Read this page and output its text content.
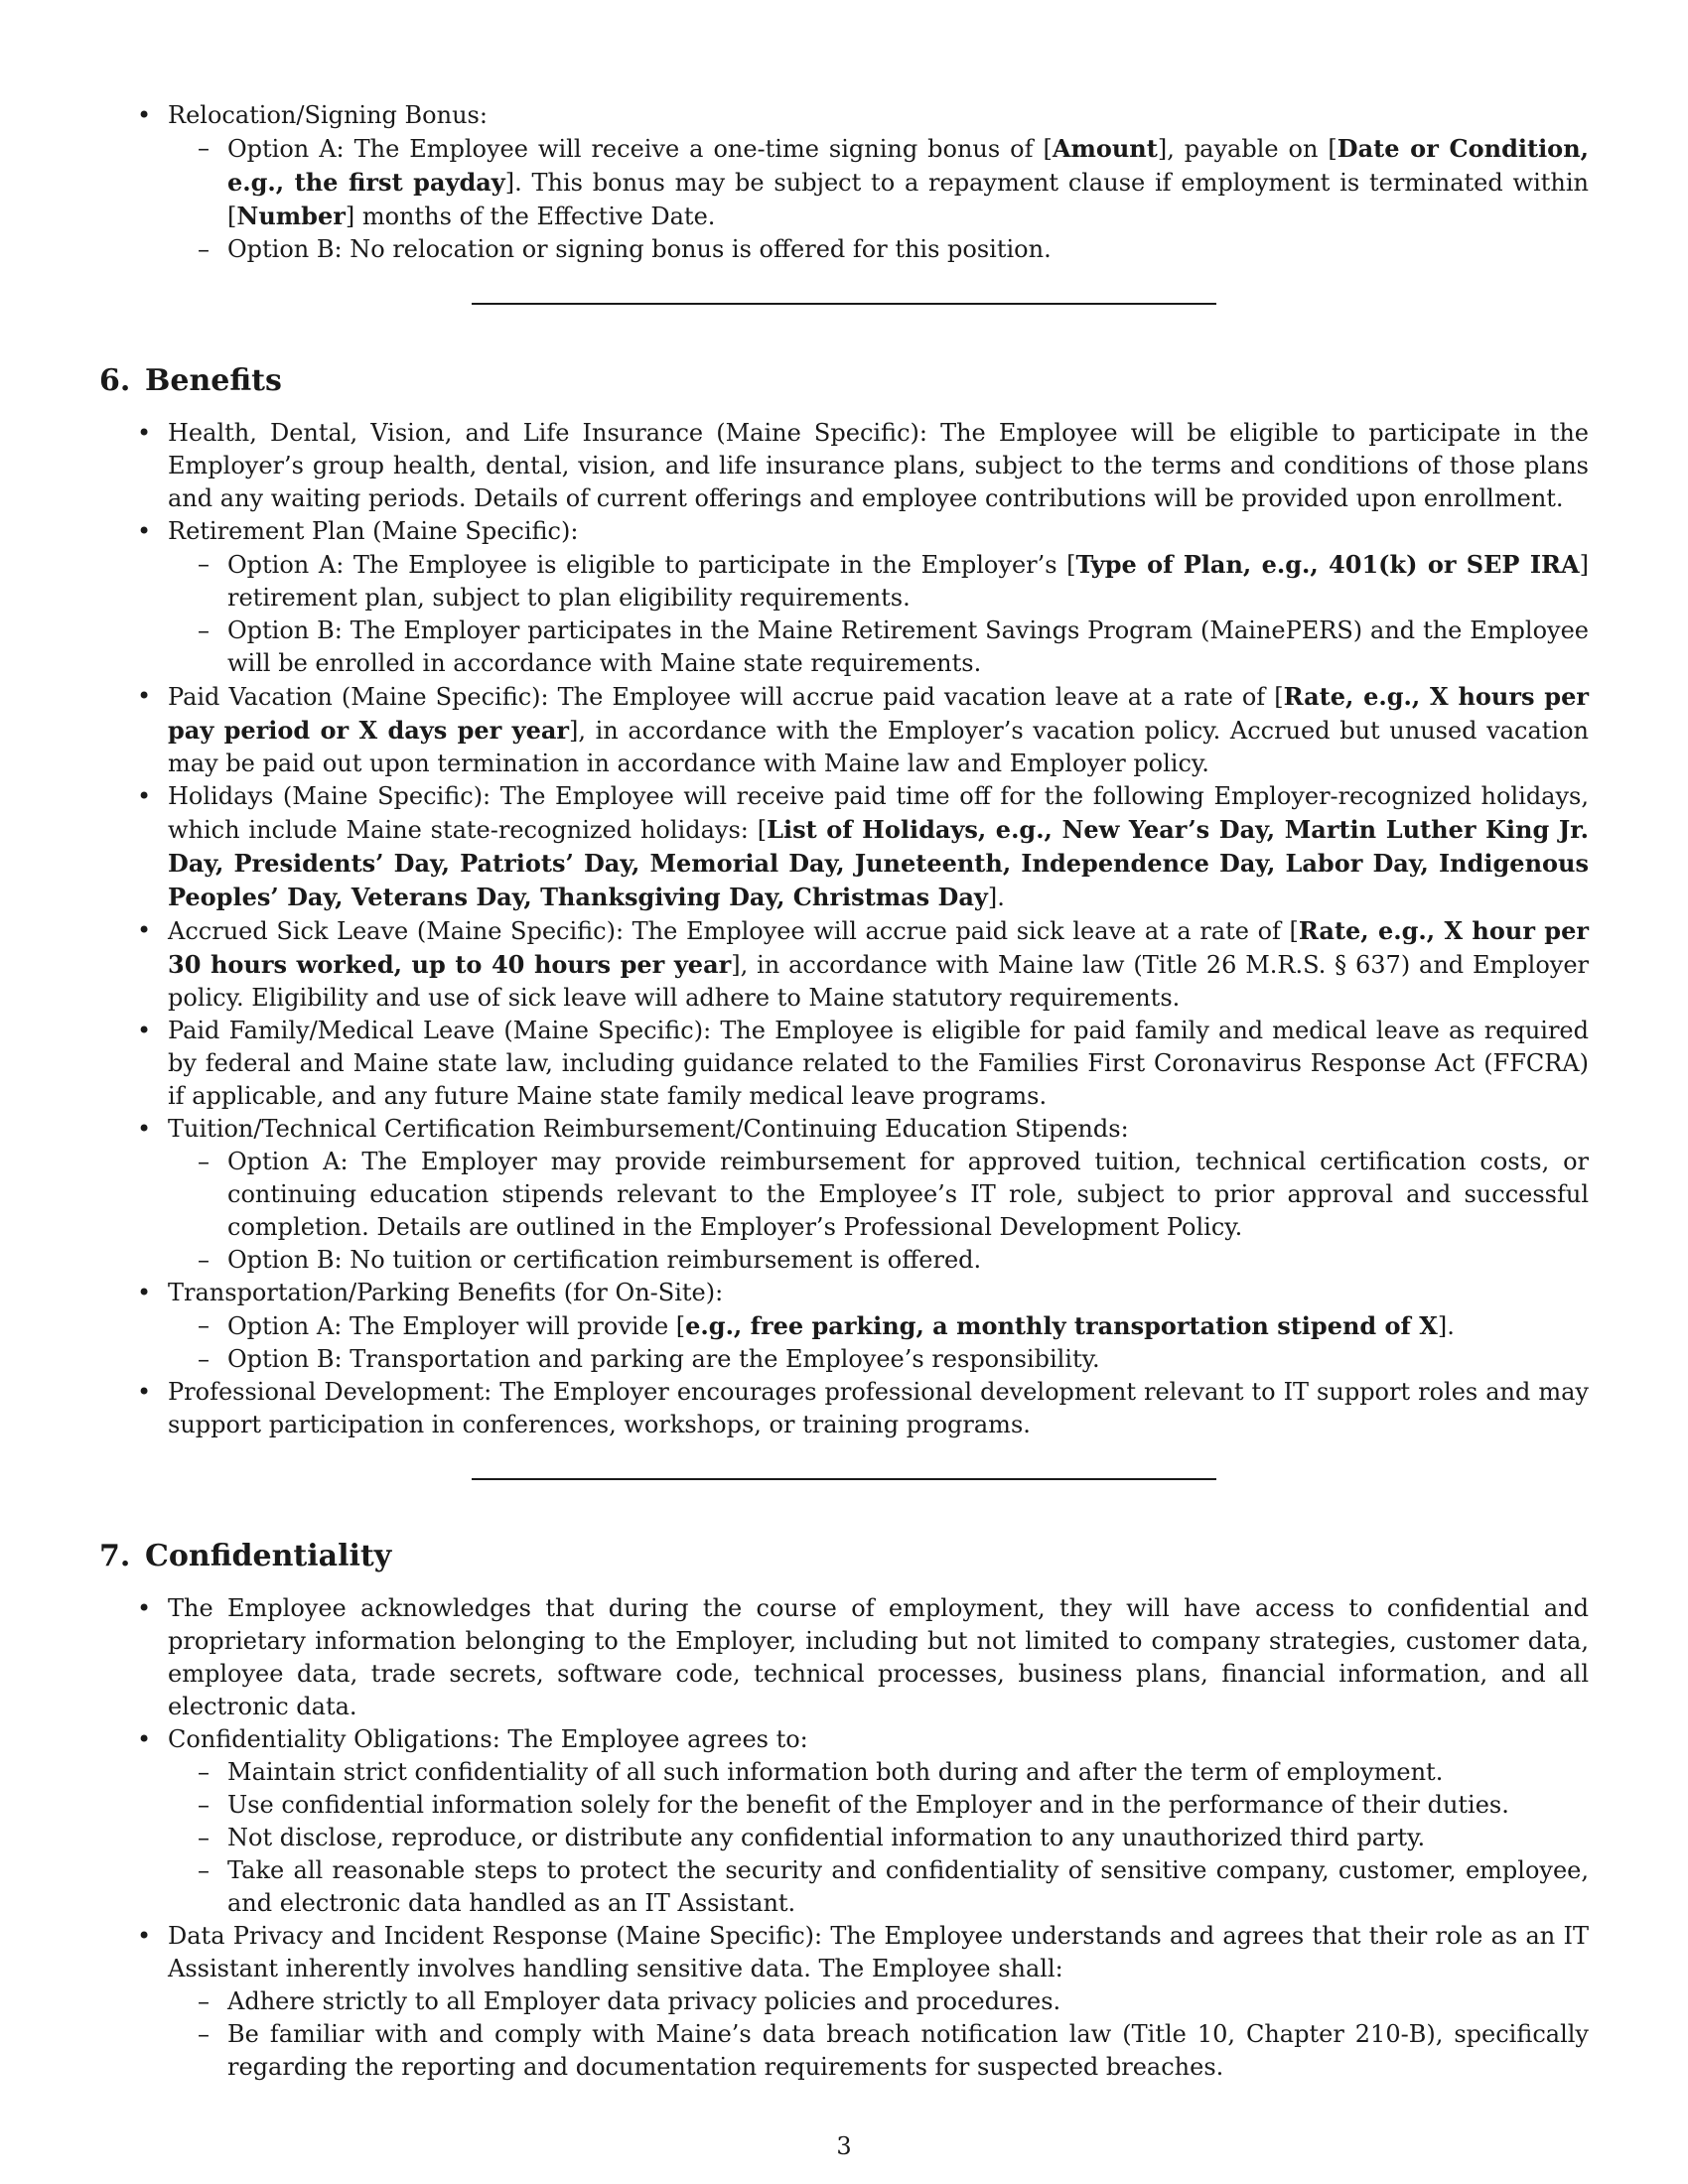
• Relocation/Signing Bonus:
– Option A: The Employee will receive a one-time signing bonus of [Amount], payable on [Date or Condition, e.g., the first payday]. This bonus may be subject to a repayment clause if employment is terminated within [Number] months of the Effective Date.
– Option B: No relocation or signing bonus is offered for this position.
6. Benefits
• Health, Dental, Vision, and Life Insurance (Maine Specific): The Employee will be eligible to participate in the Employer’s group health, dental, vision, and life insurance plans, subject to the terms and conditions of those plans and any waiting periods. Details of current offerings and employee contributions will be provided upon enrollment.
• Retirement Plan (Maine Specific):
– Option A: The Employee is eligible to participate in the Employer’s [Type of Plan, e.g., 401(k) or SEP IRA] retirement plan, subject to plan eligibility requirements.
– Option B: The Employer participates in the Maine Retirement Savings Program (MainePERS) and the Employee will be enrolled in accordance with Maine state requirements.
• Paid Vacation (Maine Specific): The Employee will accrue paid vacation leave at a rate of [Rate, e.g., X hours per pay period or X days per year], in accordance with the Employer’s vacation policy. Accrued but unused vacation may be paid out upon termination in accordance with Maine law and Employer policy.
• Holidays (Maine Specific): The Employee will receive paid time off for the following Employer-recognized holidays, which include Maine state-recognized holidays: [List of Holidays, e.g., New Year’s Day, Martin Luther King Jr. Day, Presidents’ Day, Patriots’ Day, Memorial Day, Juneteenth, Independence Day, Labor Day, Indigenous Peoples’ Day, Veterans Day, Thanksgiving Day, Christmas Day].
• Accrued Sick Leave (Maine Specific): The Employee will accrue paid sick leave at a rate of [Rate, e.g., X hour per 30 hours worked, up to 40 hours per year], in accordance with Maine law (Title 26 M.R.S. § 637) and Employer policy. Eligibility and use of sick leave will adhere to Maine statutory requirements.
• Paid Family/Medical Leave (Maine Specific): The Employee is eligible for paid family and medical leave as required by federal and Maine state law, including guidance related to the Families First Coronavirus Response Act (FFCRA) if applicable, and any future Maine state family medical leave programs.
• Tuition/Technical Certification Reimbursement/Continuing Education Stipends:
– Option A: The Employer may provide reimbursement for approved tuition, technical certification costs, or continuing education stipends relevant to the Employee’s IT role, subject to prior approval and successful completion. Details are outlined in the Employer’s Professional Development Policy.
– Option B: No tuition or certification reimbursement is offered.
• Transportation/Parking Benefits (for On-Site):
– Option A: The Employer will provide [e.g., free parking, a monthly transportation stipend of X].
– Option B: Transportation and parking are the Employee’s responsibility.
• Professional Development: The Employer encourages professional development relevant to IT support roles and may support participation in conferences, workshops, or training programs.
7. Confidentiality
• The Employee acknowledges that during the course of employment, they will have access to confidential and proprietary information belonging to the Employer, including but not limited to company strategies, customer data, employee data, trade secrets, software code, technical processes, business plans, financial information, and all electronic data.
• Confidentiality Obligations: The Employee agrees to:
– Maintain strict confidentiality of all such information both during and after the term of employment.
– Use confidential information solely for the benefit of the Employer and in the performance of their duties.
– Not disclose, reproduce, or distribute any confidential information to any unauthorized third party.
– Take all reasonable steps to protect the security and confidentiality of sensitive company, customer, employee, and electronic data handled as an IT Assistant.
• Data Privacy and Incident Response (Maine Specific): The Employee understands and agrees that their role as an IT Assistant inherently involves handling sensitive data. The Employee shall:
– Adhere strictly to all Employer data privacy policies and procedures.
– Be familiar with and comply with Maine’s data breach notification law (Title 10, Chapter 210-B), specifically regarding the reporting and documentation requirements for suspected breaches.
3
